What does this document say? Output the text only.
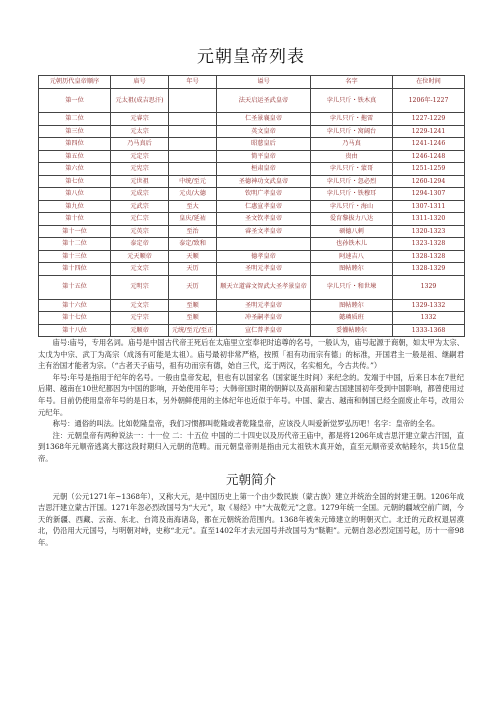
元朝皇帝列表
元朝历代皇帝顺序	庙号	年号	谥号	名字	在位时间
第一位	元太祖(成吉思汗)		法天启运圣武皇帝	孛儿只斤・铁木真	1206年-1227
第二位	元睿宗		仁圣景襄皇帝	孛儿只斤・拖雷	1227-1229
第三位	元太宗		英文皇帝	孛儿只斤・窝阔台	1229-1241
第四位	乃马真后		昭慈皇后	乃马真	1241-1246
第五位	元定宗		简平皇帝	贵由	1246-1248
第六位	元宪宗		桓肃皇帝	孛儿只斤・蒙哥	1251-1259
第七位	元世祖	中统/至元	圣德神功文武皇帝	孛儿只斤・忽必烈	1260-1294
第八位	元成宗	元贞/大德	钦明广孝皇帝	孛儿只斤・铁穆耳	1294-1307
第九位	元武宗	至大	仁惠宣孝皇帝	孛儿只斤・海山	1307-1311
第十位	元仁宗	皇庆/延祐	圣文钦孝皇帝	爱育黎拔力八达	1311-1320
第十一位	元英宗	至治	睿圣文孝皇帝	硕德八剌	1320-1323
第十二位	泰定帝	泰定/致和		也孙铁木儿	1323-1328
第十三位	元天顺帝	天顺	德孝皇帝	阿速吉八	1328-1328
第十四位	元文宗	天历	圣明元孝皇帝	图帖睦尔	1328-1329
第十五位	元明宗	天历	顺天立道睿文智武大圣孝景皇帝	孛儿只斤・和世瑓	1329
第十六位	元文宗	至顺	圣明元孝皇帝	图帖睦尔	1329-1332
第十七位	元宁宗	至顺	冲圣嗣孝皇帝	懿璘质班	1332
第十八位	元顺帝	元统/至元/至正	宣仁普孝皇帝	妥懽帖睦尔	1333-1368

庙号:庙号，专用名词。庙号是中国古代帝王死后在太庙里立室奉祀时追尊的名号，一般认为，庙号起源于商朝，如太甲为太宗、太戊为中宗、武丁为高宗（成汤有可能是太祖）。庙号最初非常严格，按照「祖有功而宗有德」的标准，开国君主一般是祖、继嗣君主有治国才能者为宗。（“古者天子庙号，祖有功而宗有德，始自三代，迄于两汉，名实相允，今古共传。”）

年号:年号是指用于纪年的名号。一般由皇帝发起，但也有以国家名（国家诞生时间）来纪念的。发端于中国，后来日本在7世纪后期、越南在10世纪都因为中国的影响，开始使用年号；大韩帝国时期的朝鲜以及高丽和蒙古国建国初年受到中国影响，都曾使用过年号。目前仍使用皇帝年号的是日本，另外朝鲜使用的主体纪年也近似于年号。中国、蒙古、越南和韩国已经全面废止年号，改用公元纪年。

称号：通俗的叫法。比如乾隆皇帝，我们习惯都叫乾隆或者乾隆皇帝，应该没人叫爱新觉罗弘历吧！名字：皇帝的全名。

注：元朝皇帝有两种说法一：十一位 二：十五位 中国的二十四史以及历代帝王庙中，都是将1206年成吉思汗建立蒙古汗国，直到1368年元顺帝逃离大都这段时期归入元朝的范畴。而元朝皇帝则是指由元太祖铁木真开始，直至元顺帝妥欢帖睦尔，共15位皇帝。

元朝简介

元朝（公元1271年~1368年），又称大元，是中国历史上第一个由少数民族（蒙古族）建立并统治全国的封建王朝。1206年成吉思汗建立蒙古汗国。1271年忽必烈改国号为“大元”，取《易经》中“大哉乾元”之意。1279年统一全国。元朝的疆域空前广阔，今天的新疆、西藏、云南、东北、台湾及南海诸岛，都在元朝统治范围内。1368年被朱元璋建立的明朝灭亡。北迁的元政权退居漠北，仍沿用大元国号，与明朝对峙，史称“北元”。直至1402年才去元国号并改国号为“鞑靼”。元朝自忽必烈定国号起，历十一帝98年。
